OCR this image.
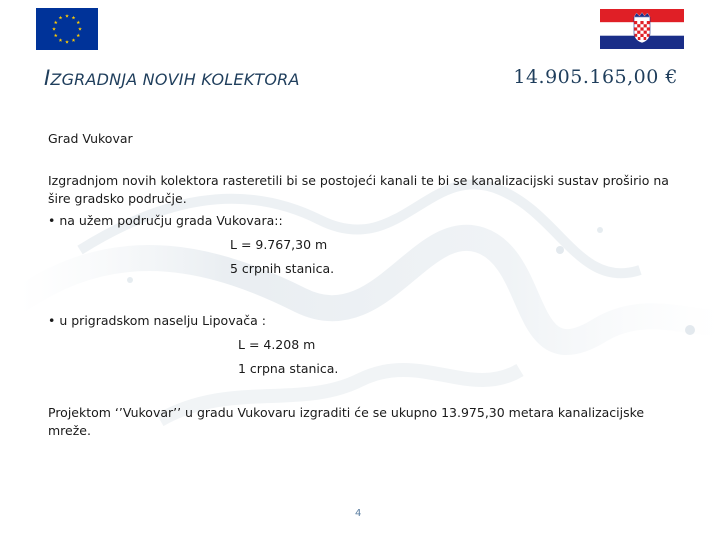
IZGRADNJA NOVIH KOLEKTORA	14.905.165,00 €

Grad Vukovar

Izgradnjom novih kolektora rasteretili bi se postojeći kanali te bi se kanalizacijski sustav proširio na šire gradsko područje.

• na užem području grada Vukovara::

L = 9.767,30 m

5 crpnih stanica.

• u prigradskom naselju Lipovača :

L = 4.208 m

1 crpna stanica.

Projektom ‘’Vukovar’’ u gradu Vukovaru izgraditi će se ukupno 13.975,30 metara kanalizacijske mreže.

4
